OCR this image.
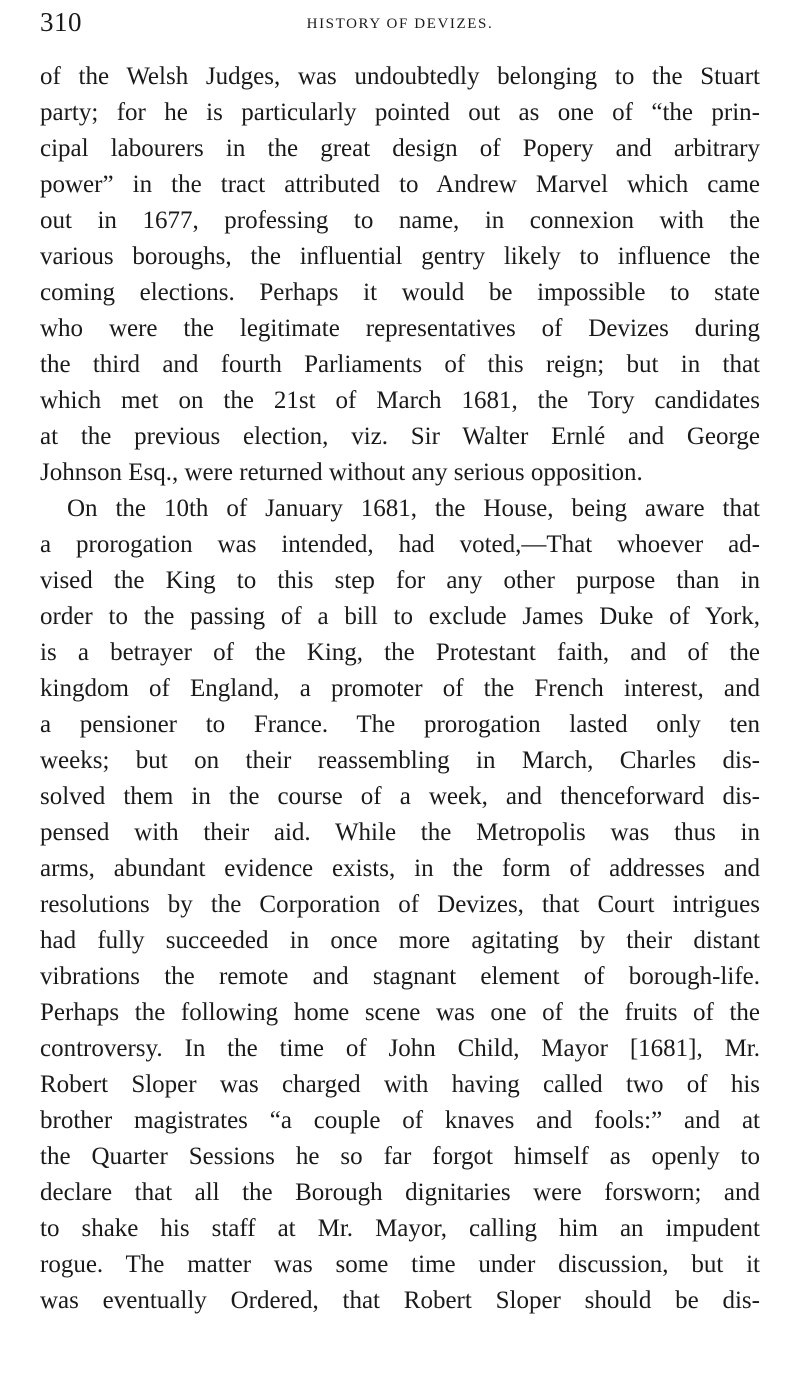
310	HISTORY OF DEVIZES.
of the Welsh Judges, was undoubtedly belonging to the Stuart
party; for he is particularly pointed out as one of “the prin-
cipal labourers in the great design of Popery and arbitrary
power” in the tract attributed to Andrew Marvel which came
out in 1677, professing to name, in connexion with the
various boroughs, the influential gentry likely to influence the
coming elections. Perhaps it would be impossible to state
who were the legitimate representatives of Devizes during
the third and fourth Parliaments of this reign; but in that
which met on the 21st of March 1681, the Tory candidates
at the previous election, viz. Sir Walter Ernlé and George
Johnson Esq., were returned without any serious opposition.
On the 10th of January 1681, the House, being aware that
a prorogation was intended, had voted,—That whoever ad-
vised the King to this step for any other purpose than in
order to the passing of a bill to exclude James Duke of York,
is a betrayer of the King, the Protestant faith, and of the
kingdom of England, a promoter of the French interest, and
a pensioner to France. The prorogation lasted only ten
weeks; but on their reassembling in March, Charles dis-
solved them in the course of a week, and thenceforward dis-
pensed with their aid. While the Metropolis was thus in
arms, abundant evidence exists, in the form of addresses and
resolutions by the Corporation of Devizes, that Court intrigues
had fully succeeded in once more agitating by their distant
vibrations the remote and stagnant element of borough-life.
Perhaps the following home scene was one of the fruits of the
controversy. In the time of John Child, Mayor [1681], Mr.
Robert Sloper was charged with having called two of his
brother magistrates “a couple of knaves and fools:” and at
the Quarter Sessions he so far forgot himself as openly to
declare that all the Borough dignitaries were forsworn; and
to shake his staff at Mr. Mayor, calling him an impudent
rogue. The matter was some time under discussion, but it
was eventually Ordered, that Robert Sloper should be dis-
